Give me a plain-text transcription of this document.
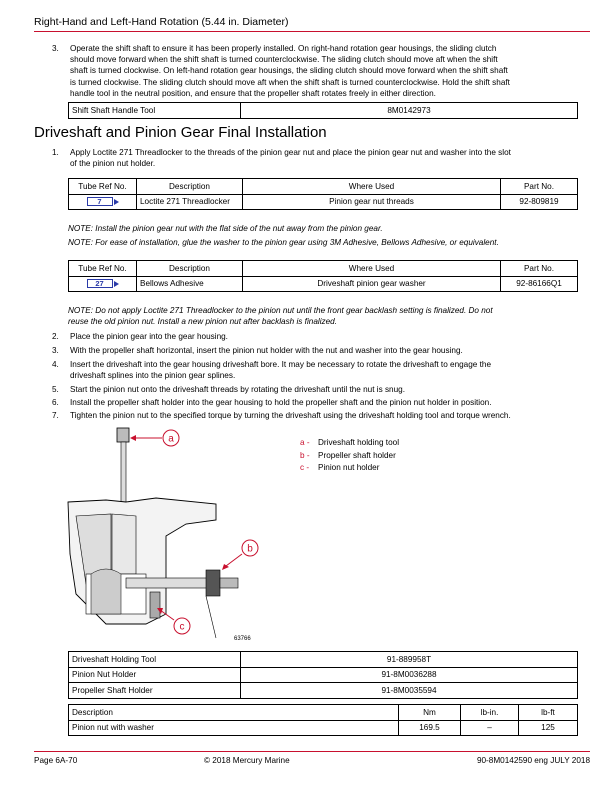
Right-Hand and Left-Hand Rotation (5.44 in. Diameter)
3. Operate the shift shaft to ensure it has been properly installed. On right-hand rotation gear housings, the sliding clutch
should move forward when the shift shaft is turned counterclockwise. The sliding clutch should move aft when the shift
shaft is turned clockwise. On left-hand rotation gear housings, the sliding clutch should move forward when the shift shaft
is turned clockwise. The sliding clutch should move aft when the shift shaft is turned counterclockwise. Hold the shift shaft
handle tool in the neutral position, and ensure that the propeller shaft rotates freely in either direction.
Shift Shaft Handle Tool	8M0142973
Driveshaft and Pinion Gear Final Installation
1. Apply Loctite 271 Threadlocker to the threads of the pinion gear nut and place the pinion gear nut and washer into the slot
of the pinion nut holder.
Tube Ref No.	Description	Where Used	Part No.

7	Loctite 271 Threadlocker	Pinion gear nut threads	92-809819
NOTE: Install the pinion gear nut with the flat side of the nut away from the pinion gear.
NOTE: For ease of installation, glue the washer to the pinion gear using 3M Adhesive, Bellows Adhesive, or equivalent.
Tube Ref No.	Description	Where Used	Part No.

27	Bellows Adhesive	Driveshaft pinion gear washer	92-86166Q1
NOTE: Do not apply Loctite 271 Threadlocker to the pinion nut until the front gear backlash setting is finalized. Do not
reuse the old pinion nut. Install a new pinion nut after backlash is finalized.
2. Place the pinion gear into the gear housing.
3. With the propeller shaft horizontal, insert the pinion nut holder with the nut and washer into the gear housing.
4. Insert the driveshaft into the gear housing driveshaft bore. It may be necessary to rotate the driveshaft to engage the
driveshaft splines into the pinion gear splines.
5. Start the pinion nut onto the driveshaft threads by rotating the driveshaft until the nut is snug.
6. Install the propeller shaft holder into the gear housing to hold the propeller shaft and the pinion nut holder in position.
7. Tighten the pinion nut to the specified torque by turning the driveshaft using the driveshaft holding tool and torque wrench.
a
b
c
63766
a - Driveshaft holding tool
b - Propeller shaft holder
c - Pinion nut holder
Driveshaft Holding Tool	91-889958T
Pinion Nut Holder	91-8M0036288
Propeller Shaft Holder	91-8M0035594
Description	Nm	lb-in.	lb-ft
Pinion nut with washer	169.5	–	125
Page 6A-70	© 2018 Mercury Marine	90-8M0142590 eng JULY 2018
